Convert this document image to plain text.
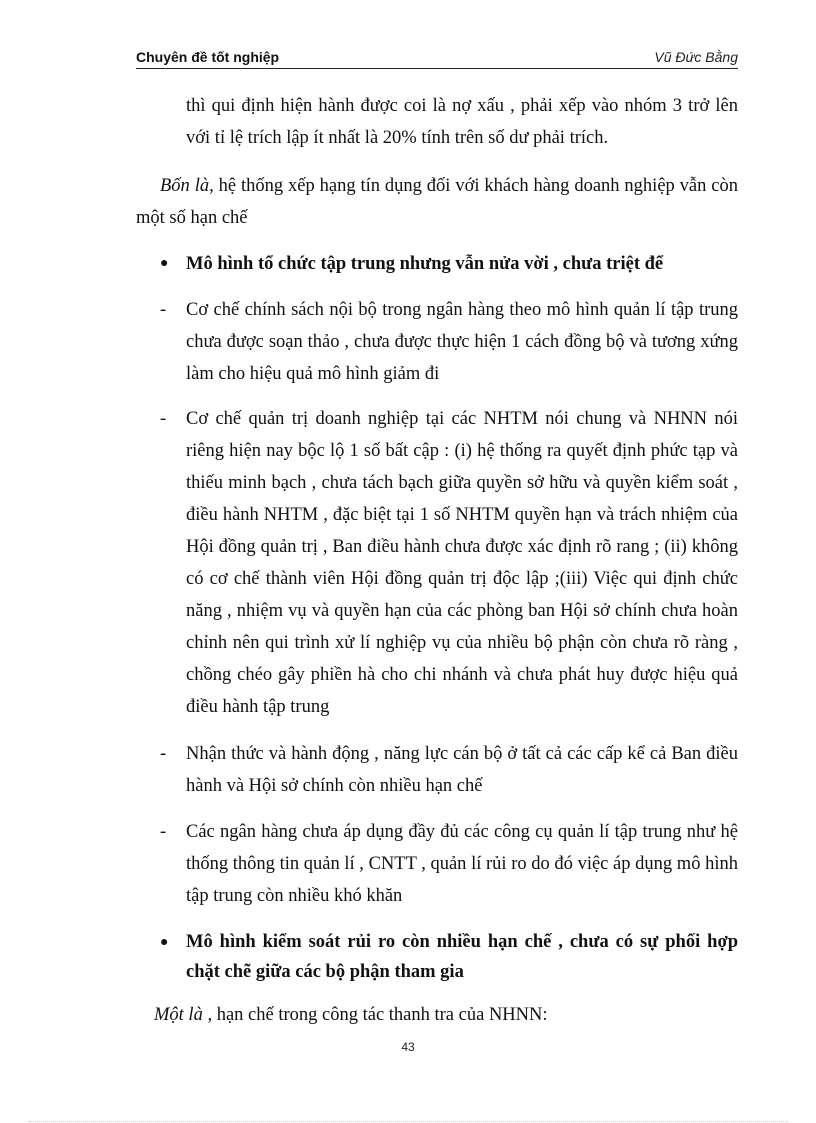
Chuyên đề tốt nghiệp	Vũ Đức Bằng

thì qui định hiện hành được coi là nợ xấu , phải xếp vào nhóm 3 trở lên với tỉ lệ trích lập ít nhất là 20% tính trên số dư phải trích.

Bốn là, hệ thống xếp hạng tín dụng đối với khách hàng doanh nghiệp vẫn còn một số hạn chế

● Mô hình tổ chức tập trung nhưng vẫn nửa vời , chưa triệt để

- Cơ chế chính sách nội bộ trong ngân hàng theo mô hình quản lí tập trung chưa được soạn thảo , chưa được thực hiện 1 cách đồng bộ và tương xứng làm cho hiệu quả mô hình giảm đi

- Cơ chế quản trị doanh nghiệp tại các NHTM nói chung và NHNN nói riêng hiện nay bộc lộ 1 số bất cập : (i) hệ thống ra quyết định phức tạp và thiếu minh bạch , chưa tách bạch giữa quyền sở hữu và quyền kiểm soát , điều hành NHTM , đặc biệt tại 1 số NHTM quyền hạn và trách nhiệm của Hội đồng quản trị , Ban điều hành chưa được xác định rõ rang ; (ii) không có cơ chế thành viên Hội đồng quản trị độc lập ;(iii) Việc qui định chức năng , nhiệm vụ và quyền hạn của các phòng ban Hội sở chính chưa hoàn chỉnh nên qui trình xử lí nghiệp vụ của nhiều bộ phận còn chưa rõ ràng , chồng chéo gây phiền hà cho chi nhánh và chưa phát huy được hiệu quả điều hành tập trung

- Nhận thức và hành động , năng lực cán bộ ở tất cả các cấp kể cả Ban điều hành và Hội sở chính còn nhiều hạn chế

- Các ngân hàng chưa áp dụng đầy đủ các công cụ quản lí tập trung như hệ thống thông tin quản lí , CNTT , quản lí rủi ro do đó việc áp dụng mô hình tập trung còn nhiều khó khăn

● Mô hình kiểm soát rủi ro còn nhiều hạn chế , chưa có sự phối hợp chặt chẽ giữa các bộ phận tham gia

Một là , hạn chế trong công tác thanh tra của NHNN:

43
